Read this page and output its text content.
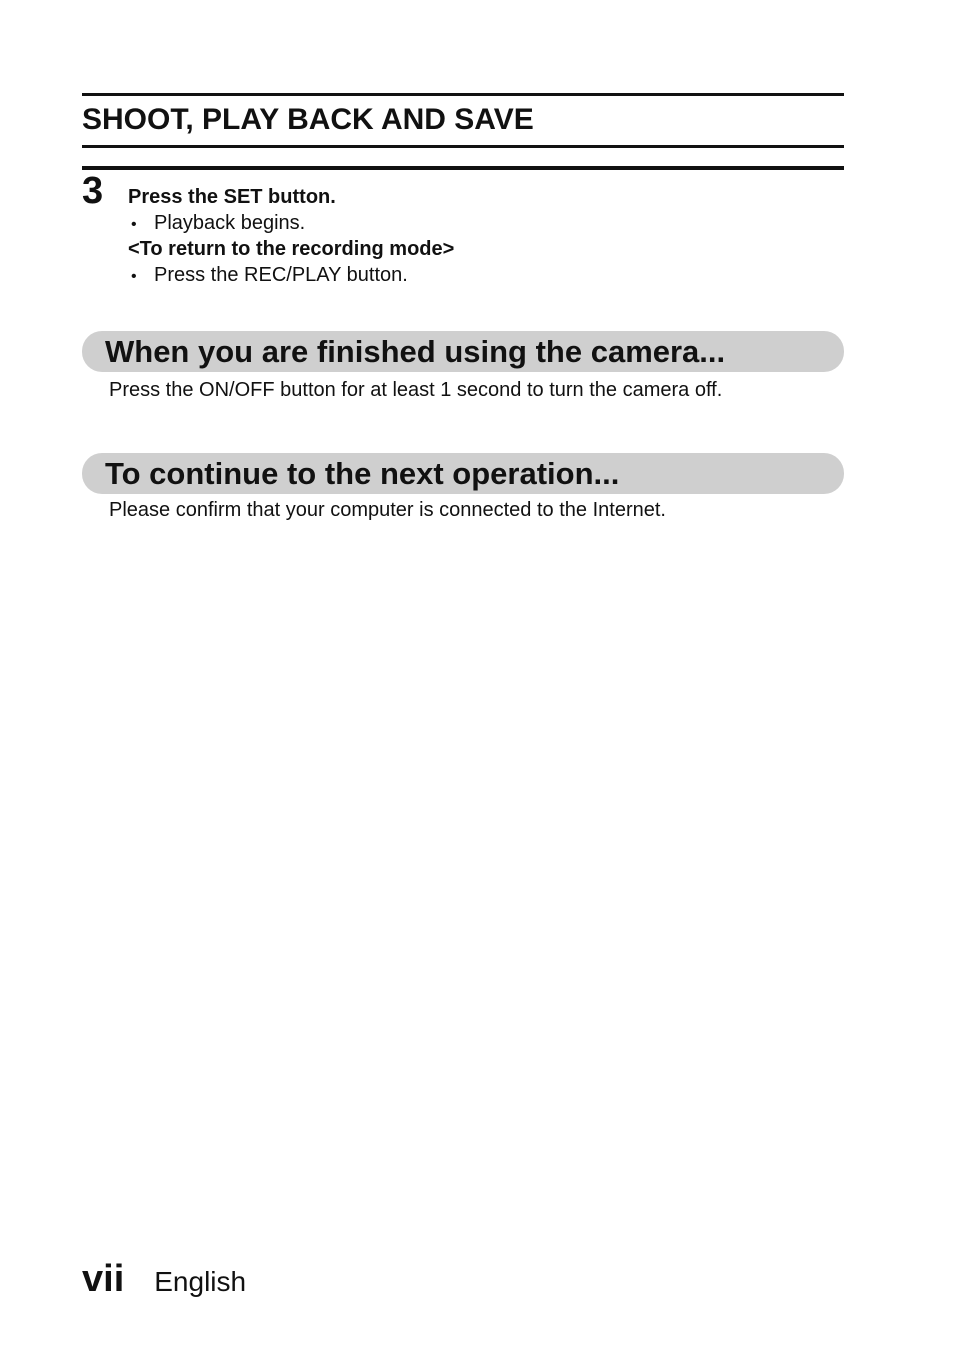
SHOOT, PLAY BACK AND SAVE
3 Press the SET button.
• Playback begins.
<To return to the recording mode>
• Press the REC/PLAY button.
When you are finished using the camera...
Press the ON/OFF button for at least 1 second to turn the camera off.
To continue to the next operation...
Please confirm that your computer is connected to the Internet.
vii English
